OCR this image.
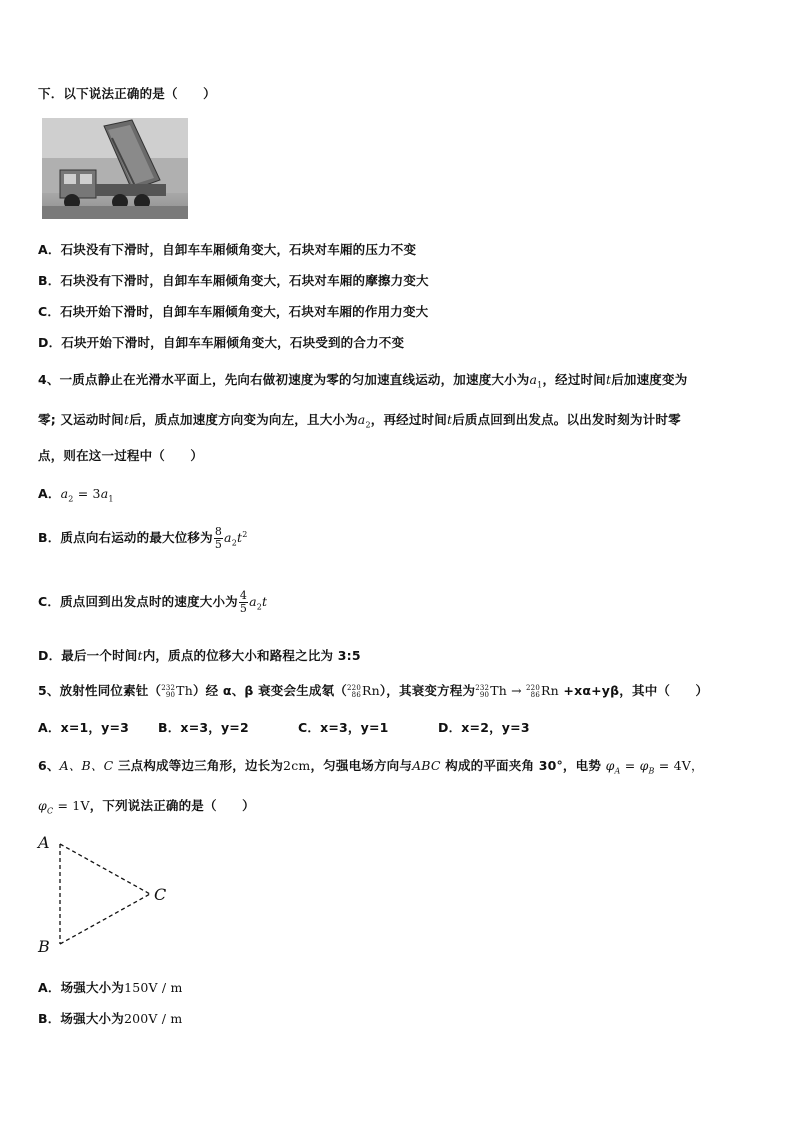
下．以下说法正确的是（　　）
A．石块没有下滑时，自卸车车厢倾角变大，石块对车厢的压力不变
B．石块没有下滑时，自卸车车厢倾角变大，石块对车厢的摩擦力变大
C．石块开始下滑时，自卸车车厢倾角变大，石块对车厢的作用力变大
D．石块开始下滑时，自卸车车厢倾角变大，石块受到的合力不变
4、一质点静止在光滑水平面上，先向右做初速度为零的匀加速直线运动，加速度大小为$a_1$，经过时间t后加速度变为
零; 又运动时间t后，质点加速度方向变为向左，且大小为$a_2$，再经过时间t后质点回到出发点。以出发时刻为计时零
点，则在这一过程中（　　）
A．$a_2 = 3a_1$
B．质点向右运动的最大位移为 $\frac{8}{5} a_2t^2$
C．质点回到出发点时的速度大小为 $\frac{4}{5} a_2t$
D．最后一个时间t内，质点的位移大小和路程之比为 3:5
5、放射性同位素钍（ 232
90 Th）经 α、β 衰变会生成氡（ 220
86 Rn），其衰变方程为 232
90 Th → 220
86 Rn +xα+yβ，其中（　　）
A．x=1，y=3 B．x=3，y=2	C．x=3，y=1	D．x=2，y=3
6、A、B、C 三点构成等边三角形，边长为2cm，匀强电场方向与ABC 构成的平面夹角 30°，电势 $\varphi_A = \varphi_B = 4V$，
$\varphi_C = 1V$，下列说法正确的是（　　）
A
B
C
A．场强大小为150V / m
B．场强大小为200V / m
